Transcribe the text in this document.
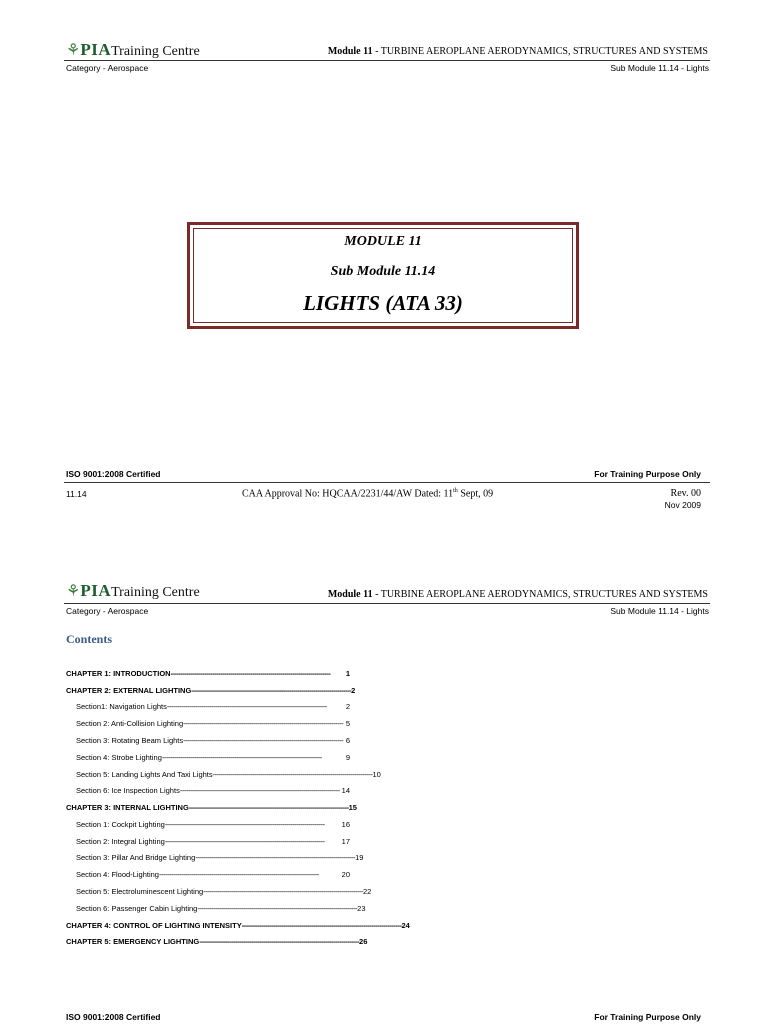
⚘PIATraining Centre	Module 11 - TURBINE AEROPLANE AERODYNAMICS, STRUCTURES AND SYSTEMS
Category - Aerospace	Sub Module 11.14 - Lights
MODULE 11
Sub Module 11.14
LIGHTS (ATA 33)
ISO 9001:2008 Certified	For Training Purpose Only
11.14	CAA Approval No: HQCAA/2231/44/AW Dated: 11th Sept, 09	Rev. 00
Nov 2009
⚘PIATraining Centre	Module 11 - TURBINE AEROPLANE AERODYNAMICS, STRUCTURES AND SYSTEMS
Category - Aerospace	Sub Module 11.14 - Lights
Contents
CHAPTER 1: INTRODUCTION --------------------------------------------------------------------------------	1
CHAPTER 2: EXTERNAL LIGHTING -------------------------------------------------------------------------------- 2
Section1: Navigation Lights --------------------------------------------------------------------------------	2
Section 2: Anti-Collision Lighting -------------------------------------------------------------------------------- 5
Section 3: Rotating Beam Lights -------------------------------------------------------------------------------- 6
Section 4: Strobe Lighting --------------------------------------------------------------------------------	9
Section 5: Landing Lights And Taxi Lights -------------------------------------------------------------------------------- 10
Section 6: Ice Inspection Lights -------------------------------------------------------------------------------- 14
CHAPTER 3: INTERNAL LIGHTING -------------------------------------------------------------------------------- 15
Section 1: Cockpit Lighting --------------------------------------------------------------------------------	16
Section 2: Integral Lighting --------------------------------------------------------------------------------	17
Section 3: Pillar And Bridge Lighting -------------------------------------------------------------------------------- 19
Section 4: Flood-Lighting --------------------------------------------------------------------------------	20
Section 5: Electroluminescent Lighting -------------------------------------------------------------------------------- 22
Section 6: Passenger Cabin Lighting -------------------------------------------------------------------------------- 23
CHAPTER 4: CONTROL OF LIGHTING INTENSITY -------------------------------------------------------------------------------- 24
CHAPTER 5: EMERGENCY LIGHTING -------------------------------------------------------------------------------- 26
ISO 9001:2008 Certified	For Training Purpose Only
